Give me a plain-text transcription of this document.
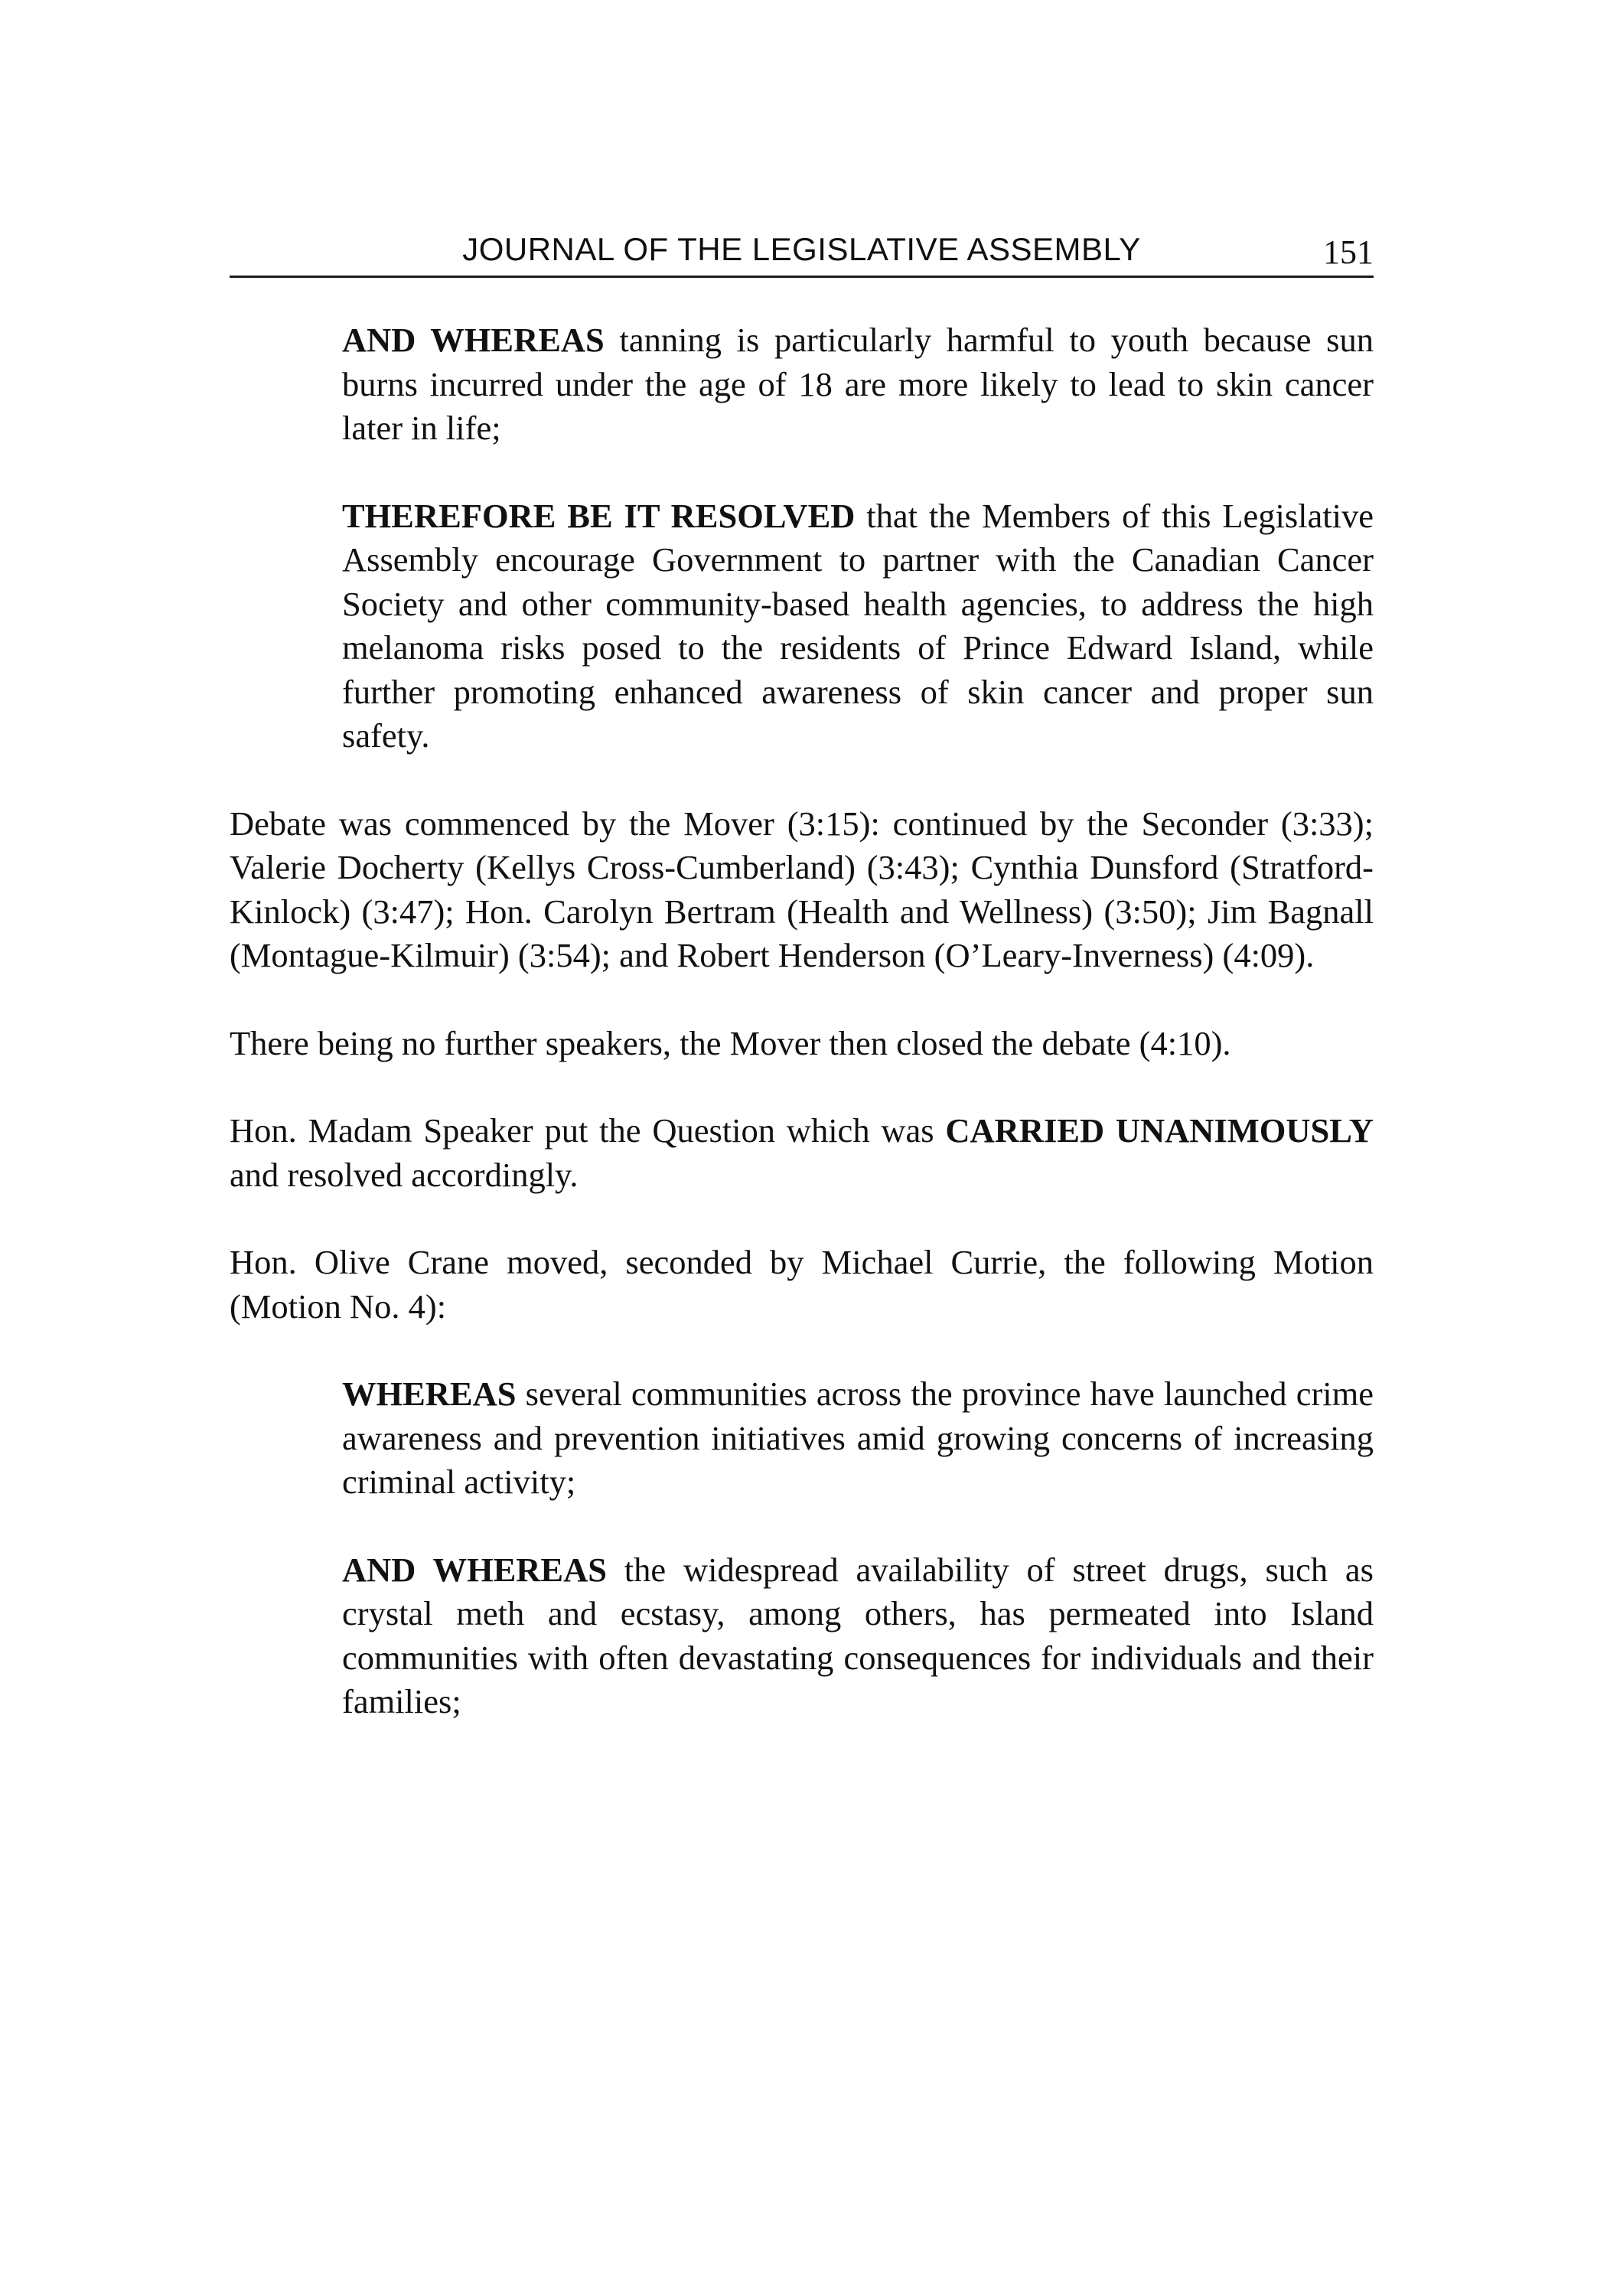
JOURNAL OF THE LEGISLATIVE ASSEMBLY	151

AND WHEREAS tanning is particularly harmful to youth because sun burns incurred under the age of 18 are more likely to lead to skin cancer later in life;

THEREFORE BE IT RESOLVED that the Members of this Legislative Assembly encourage Government to partner with the Canadian Cancer Society and other community-based health agencies, to address the high melanoma risks posed to the residents of Prince Edward Island, while further promoting enhanced awareness of skin cancer and proper sun safety.

Debate was commenced by the Mover (3:15): continued by the Seconder (3:33); Valerie Docherty (Kellys Cross-Cumberland) (3:43); Cynthia Dunsford (Stratford-Kinlock) (3:47); Hon. Carolyn Bertram (Health and Wellness) (3:50); Jim Bagnall (Montague-Kilmuir) (3:54); and Robert Henderson (O’Leary-Inverness) (4:09).

There being no further speakers, the Mover then closed the debate (4:10).

Hon. Madam Speaker put the Question which was CARRIED UNANIMOUSLY and resolved accordingly.

Hon. Olive Crane moved, seconded by Michael Currie, the following Motion (Motion No. 4):

WHEREAS several communities across the province have launched crime awareness and prevention initiatives amid growing concerns of increasing criminal activity;

AND WHEREAS the widespread availability of street drugs, such as crystal meth and ecstasy, among others, has permeated into Island communities with often devastating consequences for individuals and their families;
